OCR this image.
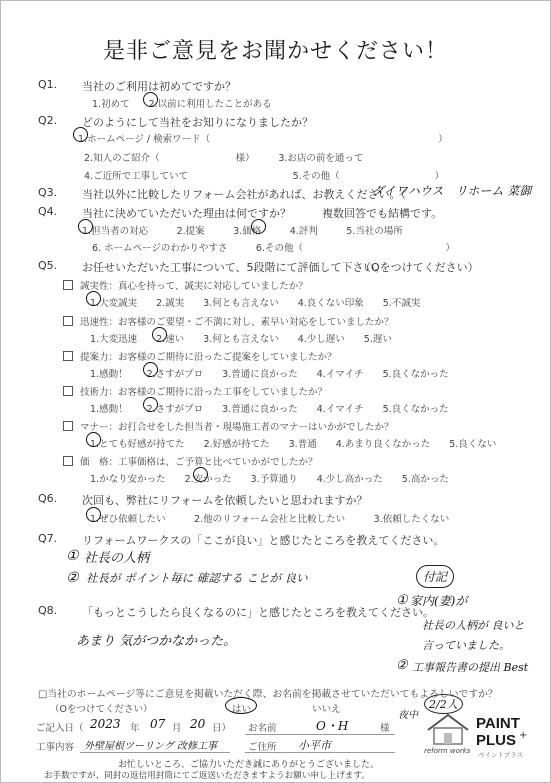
是非ご意見をお聞かせください！
Q1. 当社のご利用は初めてですか？
1.初めて　　2.以前に利用したことがある
Q2. どのようにして当社をお知りになりましたか？
1.ホームページ / 検索ワード（　　　　　　　　　　　　　　　　　　　　　　　　）
2.知人のご紹介（　　　　　　　　様）　　　3.お店の前を通って
4.ご近所で工事していて　　　　　　　　　　　5.その他（　　　　　　　　　　）
Q3. 当社以外に比較したリフォーム会社があれば、お教えください。（
ダイワハウス　リホーム 菜御
Q4. 当社に決めていただいた理由は何ですか？	複数回答でも結構です。
1.担当者の対応　　　2.提案　　　3.価格　　　4.評判　　　5.当社の場所
6. ホームページのわかりやすさ　　　6.その他（　　　　　　　　　　　　　　　）
Q5. お任せいただいた工事について、5段階にて評価して下さい。
（Oをつけてください）
誠実性：真心を持って、誠実に対応していましたか？
1.大変誠実　　2.誠実　　3.何とも言えない　　4.良くない印象　　5.不誠実
迅速性：お客様のご要望・ご不満に対し、素早い対応をしていましたか？
1.大変迅速　　2.速い　　3.何とも言えない　　4.少し遅い　　5.遅い
提案力：お客様のご期待に沿ったご提案をしていましたか？
1.感動！　　2.さすがプロ　　3.普通に良かった　　4.イマイチ　　5.良くなかった
技術力：お客様のご期待に沿った工事をしていましたか？
1.感動！　　2.さすがプロ　　3.普通に良かった　　4.イマイチ　　5.良くなかった
マナー：お打合せをした担当者・現場施工者のマナーはいかがでしたか？
1.とても好感が持てた　　2.好感が持てた　　3.普通　　4.あまり良くなかった　　5.良くない
価　格：工事価格は、ご予算と比べていかがでしたか？
1.かなり安かった　　2.安かった　　3.予算通り　　4.少し高かった　　5.高かった
Q6. 次回も、弊社にリフォームを依頼したいと思われますか？
1.ぜひ依頼したい　　　2.他のリフォーム会社と比較したい　　　3.依頼したくない
Q7. リフォームワークスの「ここが良い」と感じたところを教えてください。
① 社長の人柄
② 社長が ポイント毎に 確認する ことが 良い	付記
① 家内(妻)が
社長の人柄が 良いと
言っていました。
② 工事報告書の提出 Best
Q8. 「もっとこうしたら良くなるのに」と感じたところを教えてください。
あまり 気がつかなかった。
□当社のホームページ等にご意見を掲載いただく際、お名前を掲載させていただいてもよろしいですか？
（Oをつけてください）	はい	いいえ
ご記入日（ 2023 年 07 月 20 日） お名前	O・H	様
工事内容 外壁屋根ツーリング 改修工事	ご住所 小平市
お忙しいところ、ご協力いただき誠にありがとうございました。
お手数ですが、同封の返信用封筒にてご返送いただきますようお願い申し上げます。
夜中
2/2人
reform works
PAINT
PLUS +
ペイントプラス
